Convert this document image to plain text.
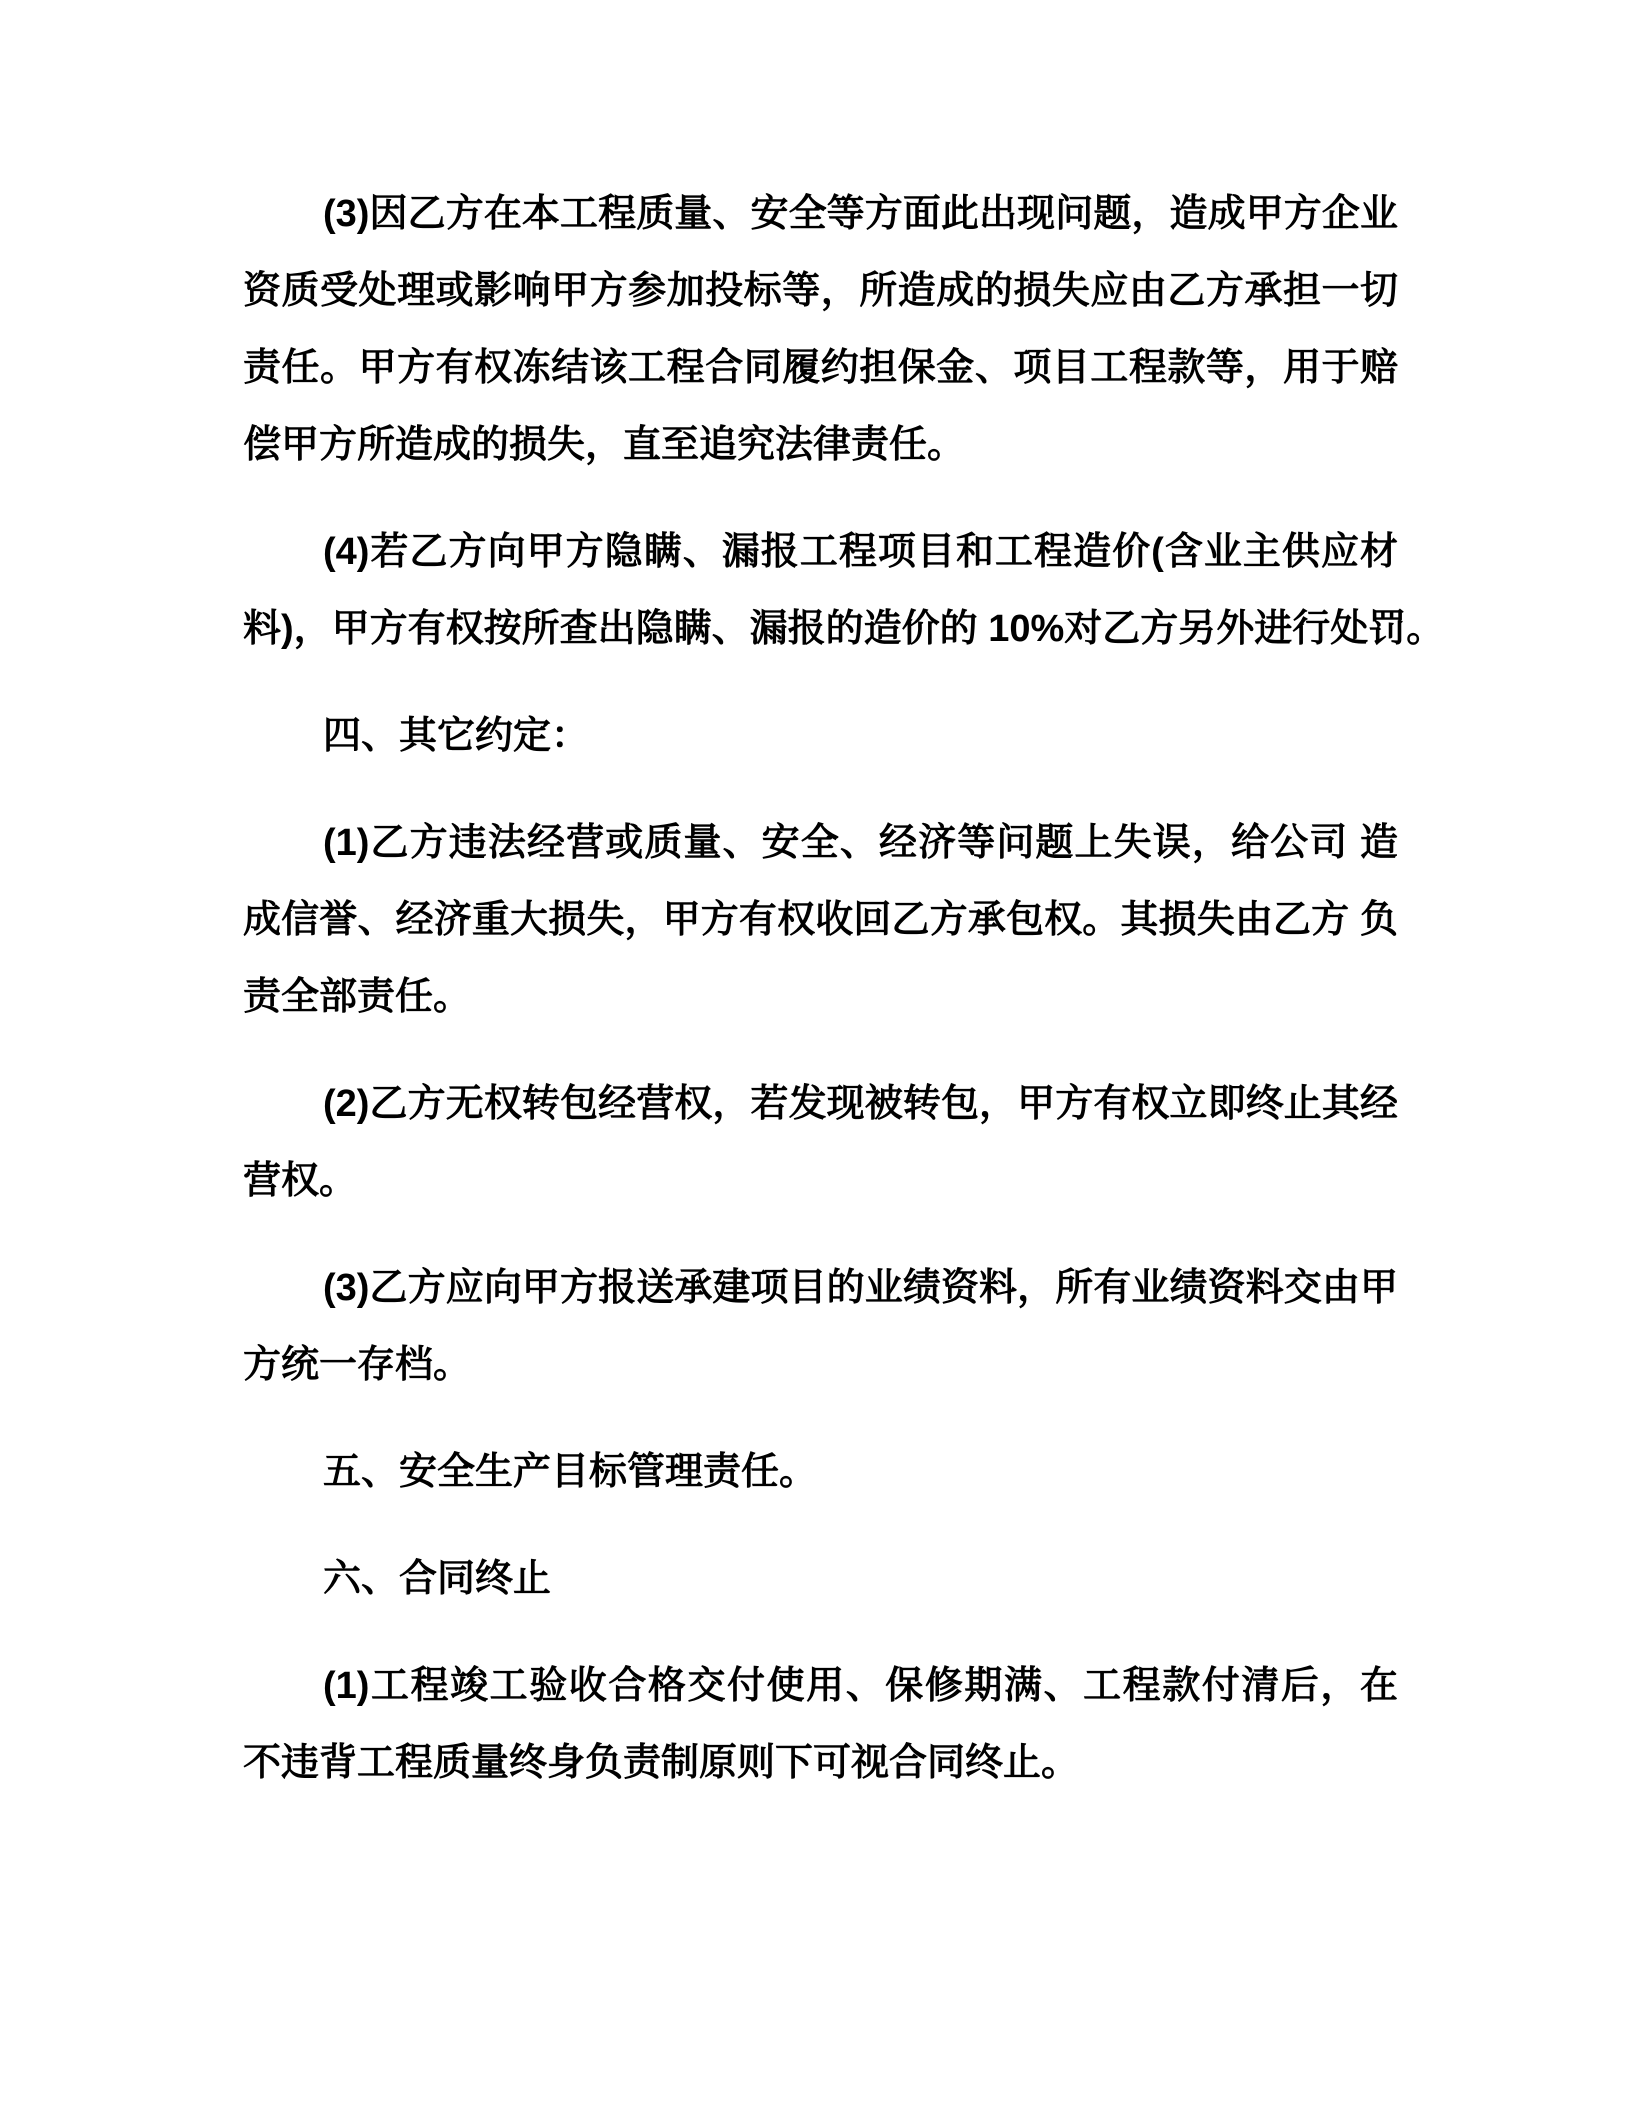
(3)因乙方在本工程质量、安全等方面此出现问题，造成甲方企业
资质受处理或影响甲方参加投标等，所造成的损失应由乙方承担一切
责任。甲方有权冻结该工程合同履约担保金、项目工程款等，用于赔
偿甲方所造成的损失，直至追究法律责任。
(4)若乙方向甲方隐瞒、漏报工程项目和工程造价(含业主供应材
料)，甲方有权按所查出隐瞒、漏报的造价的 10%对乙方另外进行处罚。
四、其它约定：
(1)乙方违法经营或质量、安全、经济等问题上失误，给公司 造
成信誉、经济重大损失，甲方有权收回乙方承包权。其损失由乙方 负
责全部责任。
(2)乙方无权转包经营权，若发现被转包，甲方有权立即终止其经
营权。
(3)乙方应向甲方报送承建项目的业绩资料，所有业绩资料交由甲
方统一存档。
五、安全生产目标管理责任。
六、合同终止
(1)工程竣工验收合格交付使用、保修期满、工程款付清后，在
不违背工程质量终身负责制原则下可视合同终止。
